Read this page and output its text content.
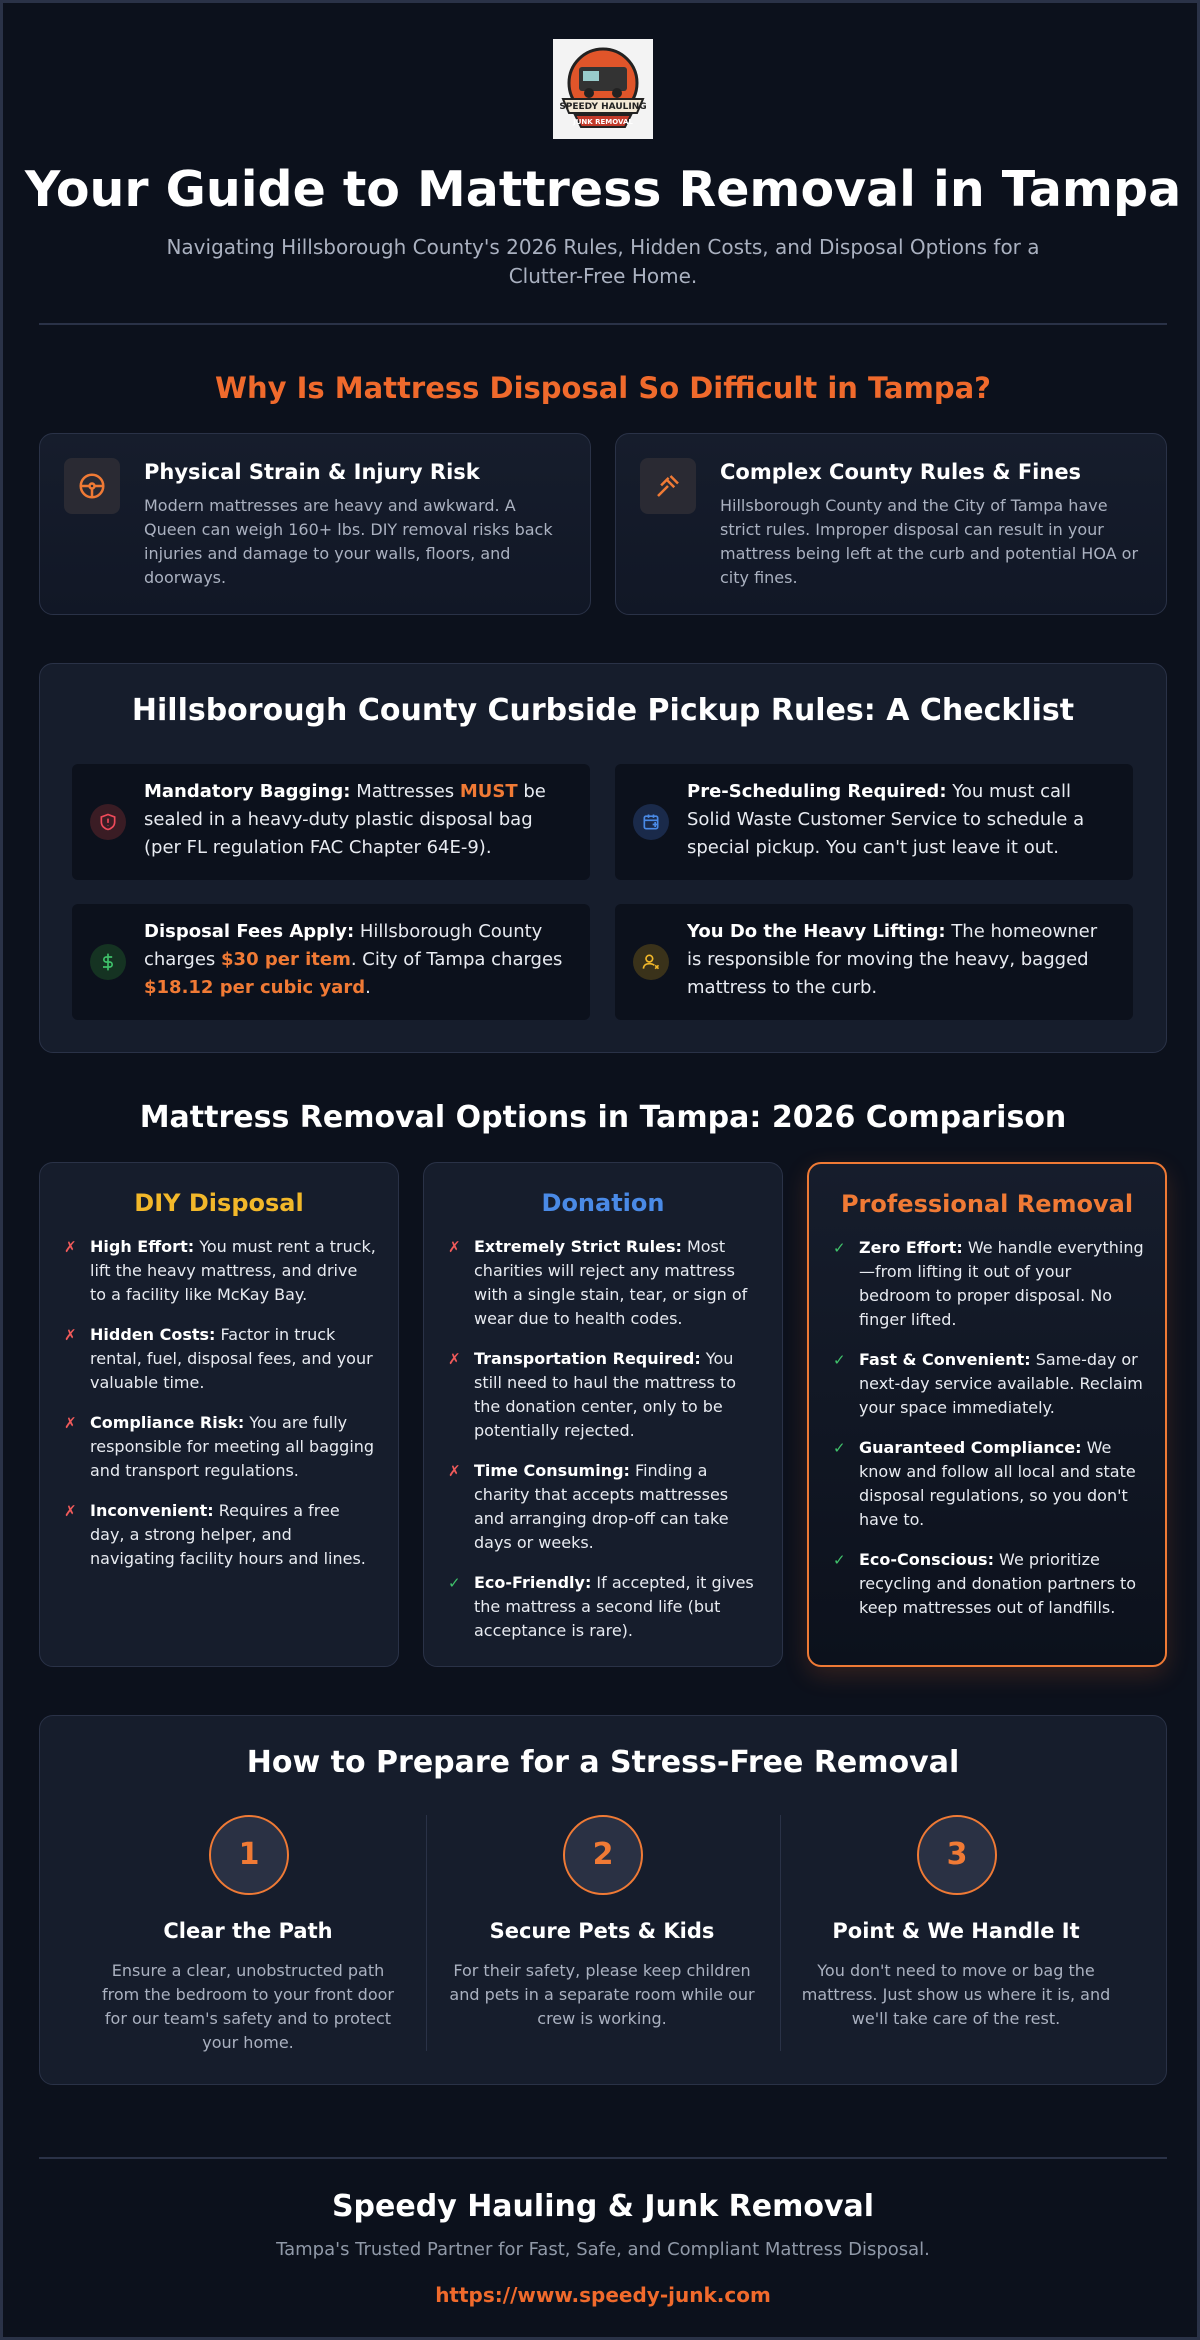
SPEEDY HAULING
JUNK REMOVAL
Your Guide to Mattress Removal in Tampa

Navigating Hillsborough County's 2026 Rules, Hidden Costs, and Disposal Options for a Clutter-Free Home.

Why Is Mattress Disposal So Difficult in Tampa?
Physical Strain & Injury Risk

Modern mattresses are heavy and awkward. A Queen can weigh 160+ lbs. DIY removal risks back injuries and damage to your walls, floors, and doorways.

Complex County Rules & Fines

Hillsborough County and the City of Tampa have strict rules. Improper disposal can result in your mattress being left at the curb and potential HOA or city fines.

Hillsborough County Curbside Pickup Rules: A Checklist

Mandatory Bagging: Mattresses MUST be sealed in a heavy-duty plastic disposal bag (per FL regulation FAC Chapter 64E-9).

Pre-Scheduling Required: You must call Solid Waste Customer Service to schedule a special pickup. You can't just leave it out.

Disposal Fees Apply: Hillsborough County charges $30 per item. City of Tampa charges $18.12 per cubic yard.

You Do the Heavy Lifting: The homeowner is responsible for moving the heavy, bagged mattress to the curb.

Mattress Removal Options in Tampa: 2026 Comparison
DIY Disposal
✗ High Effort: You must rent a truck, lift the heavy mattress, and drive to a facility like McKay Bay.
✗ Hidden Costs: Factor in truck rental, fuel, disposal fees, and your valuable time.
✗ Compliance Risk: You are fully responsible for meeting all bagging and transport regulations.
✗ Inconvenient: Requires a free day, a strong helper, and navigating facility hours and lines.
Donation
✗ Extremely Strict Rules: Most charities will reject any mattress with a single stain, tear, or sign of wear due to health codes.
✗ Transportation Required: You still need to haul the mattress to the donation center, only to be potentially rejected.
✗ Time Consuming: Finding a charity that accepts mattresses and arranging drop-off can take days or weeks.
✓ Eco-Friendly: If accepted, it gives the mattress a second life (but acceptance is rare).
Professional Removal
✓ Zero Effort: We handle everything—from lifting it out of your bedroom to proper disposal. No finger lifted.
✓ Fast & Convenient: Same-day or next-day service available. Reclaim your space immediately.
✓ Guaranteed Compliance: We know and follow all local and state disposal regulations, so you don't have to.
✓ Eco-Conscious: We prioritize recycling and donation partners to keep mattresses out of landfills.
How to Prepare for a Stress-Free Removal
1
Clear the Path

Ensure a clear, unobstructed path from the bedroom to your front door for our team's safety and to protect your home.

2
Secure Pets & Kids

For their safety, please keep children and pets in a separate room while our crew is working.

3
Point & We Handle It

You don't need to move or bag the mattress. Just show us where it is, and we'll take care of the rest.

Speedy Hauling & Junk Removal
Tampa's Trusted Partner for Fast, Safe, and Compliant Mattress Disposal.
https://www.speedy-junk.com
